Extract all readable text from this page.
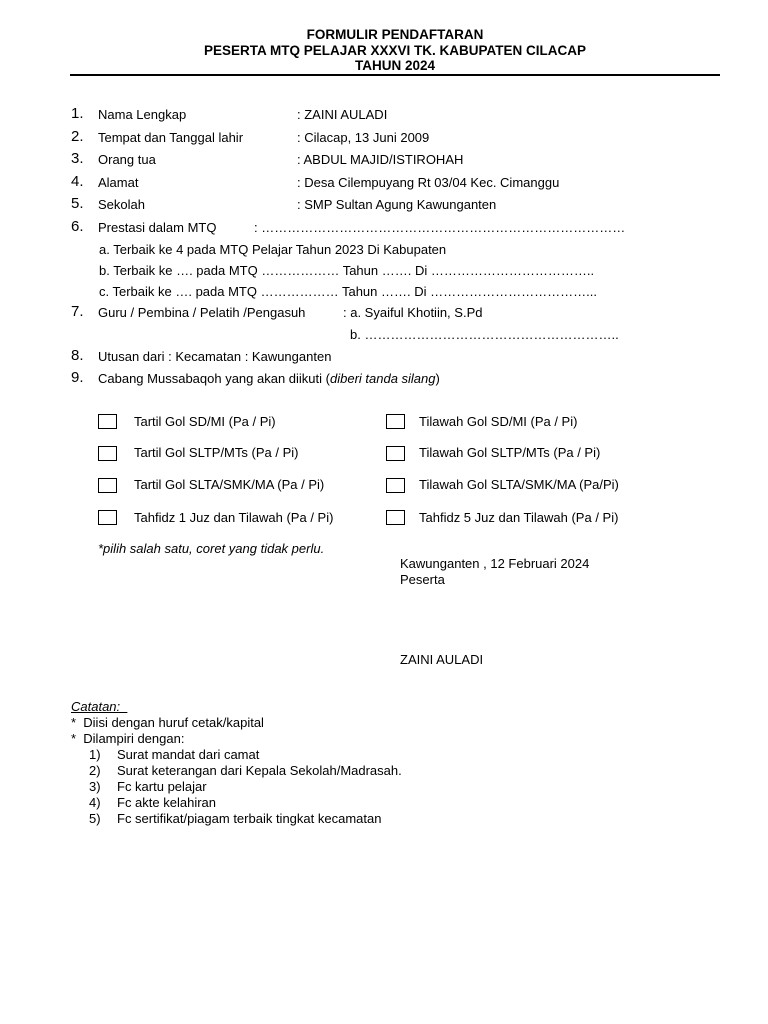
FORMULIR PENDAFTARAN
PESERTA MTQ PELAJAR XXXVI TK. KABUPATEN CILACAP
TAHUN 2024
1. Nama Lengkap	: ZAINI AULADI
2. Tempat dan Tanggal lahir	: Cilacap, 13 Juni 2009
3. Orang tua	: ABDUL MAJID/ISTIROHAH
4. Alamat	: Desa Cilempuyang Rt 03/04 Kec. Cimanggu
5. Sekolah	: SMP Sultan Agung Kawunganten
6. Prestasi dalam MTQ	: …………………………………………………………………………
a. Terbaik ke 4 pada MTQ Pelajar Tahun 2023 Di Kabupaten
b. Terbaik ke …. pada MTQ ……………… Tahun ……. Di ………………………………..
c. Terbaik ke …. pada MTQ ……………… Tahun ……. Di ………………………………...
7. Guru / Pembina / Pelatih /Pengasuh	: a. Syaiful Khotiin, S.Pd
b. …………………………………………………..
8. Utusan dari : Kecamatan : Kawunganten
9. Cabang Mussabaqoh yang akan diikuti (diberi tanda silang)
Tartil Gol SD/MI (Pa / Pi)	Tilawah Gol SD/MI (Pa / Pi)
Tartil Gol SLTP/MTs (Pa / Pi)	Tilawah Gol SLTP/MTs (Pa / Pi)
Tartil Gol SLTA/SMK/MA (Pa / Pi)	Tilawah Gol SLTA/SMK/MA (Pa/Pi)
Tahfidz 1 Juz dan Tilawah (Pa / Pi)	Tahfidz 5 Juz dan Tilawah (Pa / Pi)
*pilih salah satu, coret yang tidak perlu.
Kawunganten , 12 Februari 2024
Peserta
ZAINI AULADI
Catatan:
*  Diisi dengan huruf cetak/kapital
*  Dilampiri dengan:
1) Surat mandat dari camat
2) Surat keterangan dari Kepala Sekolah/Madrasah.
3) Fc kartu pelajar
4) Fc akte kelahiran
5) Fc sertifikat/piagam terbaik tingkat kecamatan
